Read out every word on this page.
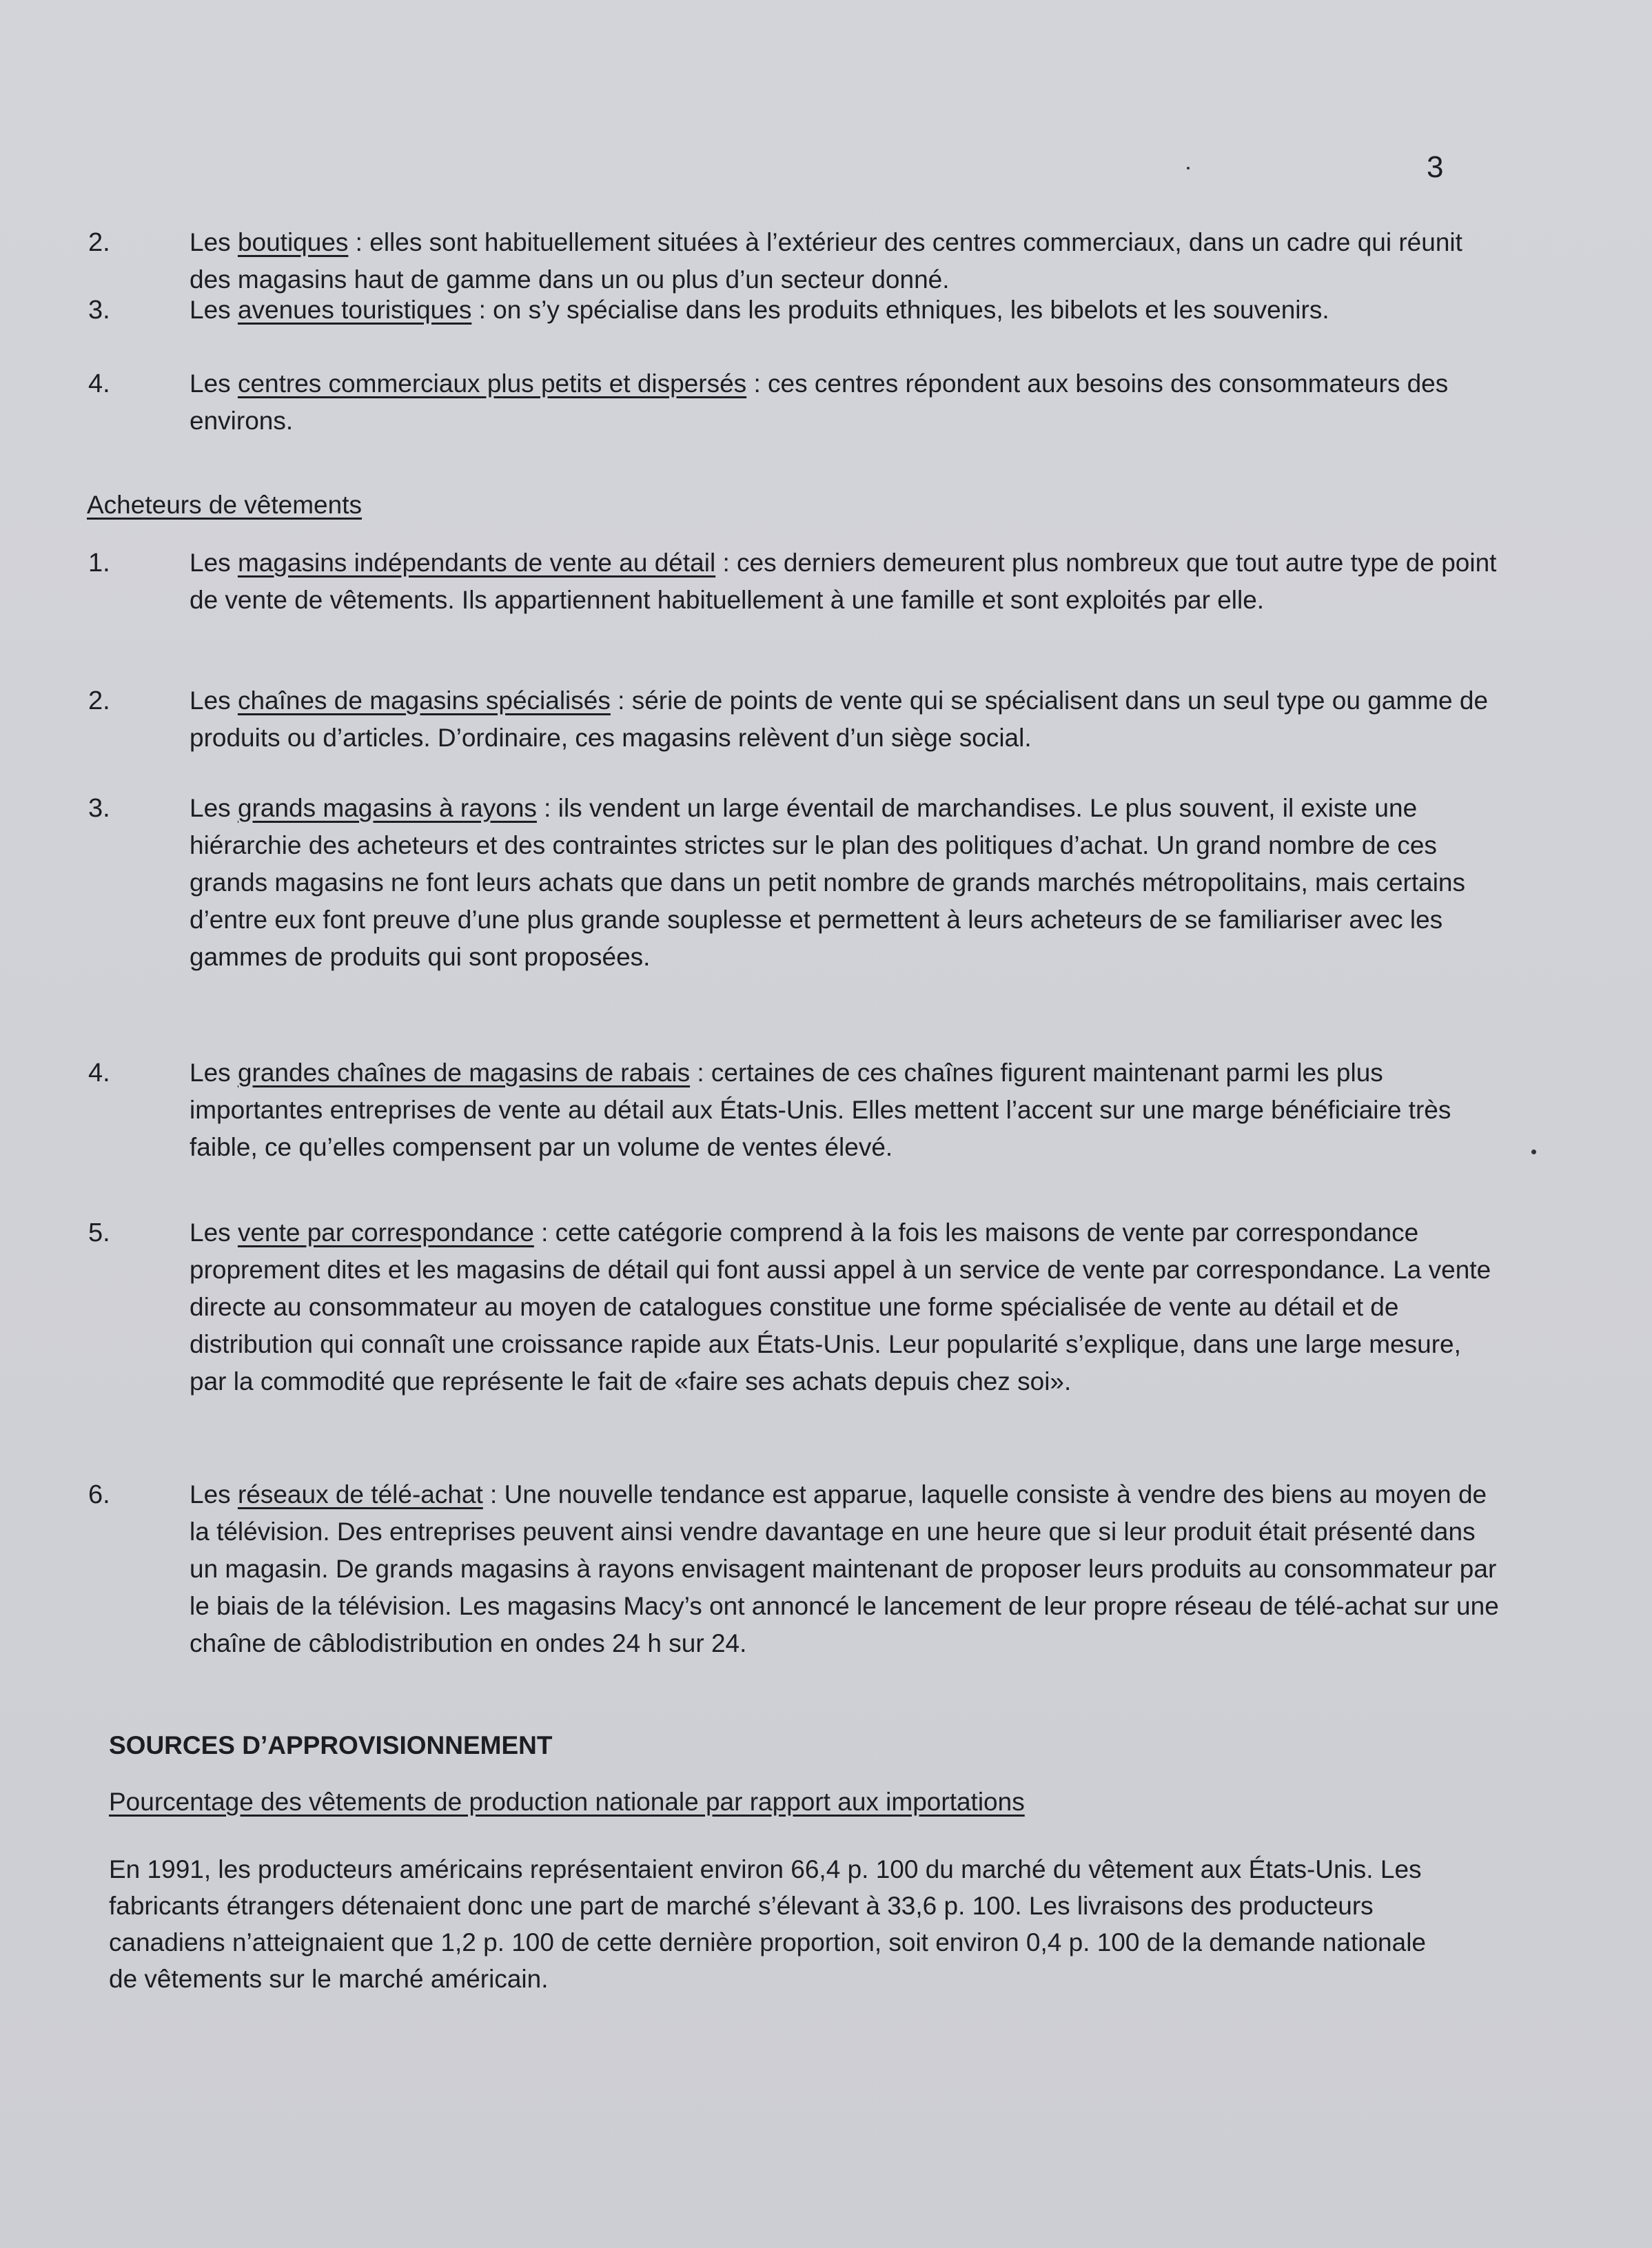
3
2.	Les boutiques : elles sont habituellement situées à l’extérieur des centres commerciaux, dans un cadre qui réunit des magasins haut de gamme dans un ou plus d’un secteur donné.
3.	Les avenues touristiques : on s’y spécialise dans les produits ethniques, les bibelots et les souvenirs.
4.	Les centres commerciaux plus petits et dispersés : ces centres répondent aux besoins des consommateurs des environs.
Acheteurs de vêtements
1.	Les magasins indépendants de vente au détail : ces derniers demeurent plus nombreux que tout autre type de point de vente de vêtements. Ils appartiennent habituellement à une famille et sont exploités par elle.
2.	Les chaînes de magasins spécialisés : série de points de vente qui se spécialisent dans un seul type ou gamme de produits ou d’articles. D’ordinaire, ces magasins relèvent d’un siège social.
3.	Les grands magasins à rayons : ils vendent un large éventail de marchandises. Le plus souvent, il existe une hiérarchie des acheteurs et des contraintes strictes sur le plan des politiques d’achat. Un grand nombre de ces grands magasins ne font leurs achats que dans un petit nombre de grands marchés métropolitains, mais certains d’entre eux font preuve d’une plus grande souplesse et permettent à leurs acheteurs de se familiariser avec les gammes de produits qui sont proposées.
4.	Les grandes chaînes de magasins de rabais : certaines de ces chaînes figurent maintenant parmi les plus importantes entreprises de vente au détail aux États-Unis. Elles mettent l’accent sur une marge bénéficiaire très faible, ce qu’elles compensent par un volume de ventes élevé.
5.	Les vente par correspondance : cette catégorie comprend à la fois les maisons de vente par correspondance proprement dites et les magasins de détail qui font aussi appel à un service de vente par correspondance. La vente directe au consommateur au moyen de catalogues constitue une forme spécialisée de vente au détail et de distribution qui connaît une croissance rapide aux États-Unis. Leur popularité s’explique, dans une large mesure, par la commodité que représente le fait de «faire ses achats depuis chez soi».
6.	Les réseaux de télé-achat : Une nouvelle tendance est apparue, laquelle consiste à vendre des biens au moyen de la télévision. Des entreprises peuvent ainsi vendre davantage en une heure que si leur produit était présenté dans un magasin. De grands magasins à rayons envisagent maintenant de proposer leurs produits au consommateur par le biais de la télévision. Les magasins Macy’s ont annoncé le lancement de leur propre réseau de télé-achat sur une chaîne de câblodistribution en ondes 24 h sur 24.
SOURCES D’APPROVISIONNEMENT
Pourcentage des vêtements de production nationale par rapport aux importations
En 1991, les producteurs américains représentaient environ 66,4 p. 100 du marché du vêtement aux États-Unis. Les fabricants étrangers détenaient donc une part de marché s’élevant à 33,6 p. 100. Les livraisons des producteurs canadiens n’atteignaient que 1,2 p. 100 de cette dernière proportion, soit environ 0,4 p. 100 de la demande nationale de vêtements sur le marché américain.
